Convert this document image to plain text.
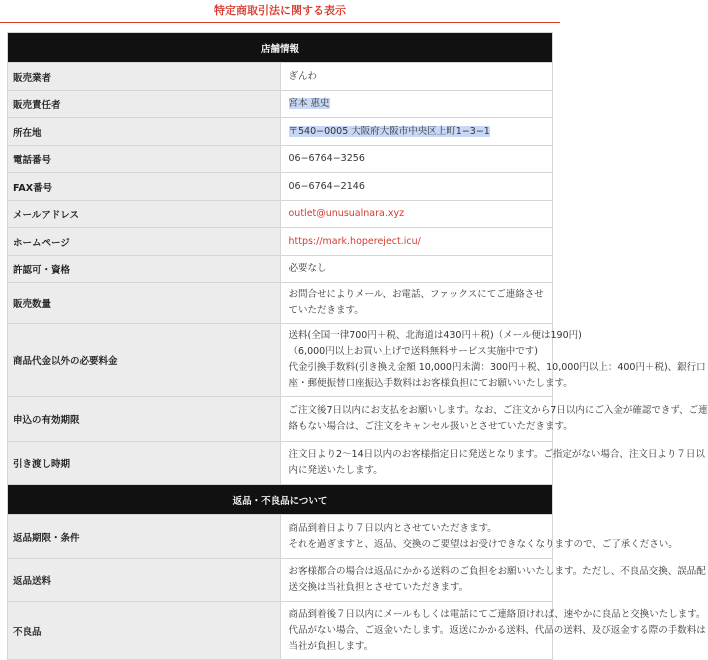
特定商取引法に関する表示
店舗情報	
販売業者	ぎんわ
販売責任者	宮本 惠史
所在地	〒540−0005 大阪府大阪市中央区上町1−3−1
電話番号	06−6764−3256
FAX番号	06−6764−2146
メールアドレス	outlet@unusualnara.xyz
ホームページ	https://mark.hopereject.icu/
許認可・資格	必要なし
販売数量	お問合せによりメール、お電話、ファックスにてご連絡させていただきます。
商品代金以外の必要料金	送料(全国一律700円＋税、北海道は430円＋税)（メール便は190円)
（6,000円以上お買い上げで送料無料サービス実施中です)
代金引換手数料(引き換え金額 10,000円未満：300円＋税、10,000円以上：400円＋税)、銀行口
座・郵便振替口座振込手数料はお客様負担にてお願いいたします。

申込の有効期限	ご注文後7日以内にお支払をお願いします。なお、ご注文から7日以内にご入金が確認できず、ご連
絡もない場合は、ご注文をキャンセル扱いとさせていただきます。

引き渡し時期	注文日より2〜14日以内のお客様指定日に発送となります。ご指定がない場合、注文日より７日以
内に発送いたします。

返品・不良品について	
返品期限・条件	商品到着日より７日以内とさせていただきます。
それを過ぎますと、返品、交換のご要望はお受けできなくなりますので、ご了承ください。

返品送料	お客様都合の場合は返品にかかる送料のご負担をお願いいたします。ただし、不良品交換、誤品配
送交換は当社負担とさせていただきます。

不良品	商品到着後７日以内にメールもしくは電話にてご連絡頂ければ、速やかに良品と交換いたします。
代品がない場合、ご返金いたします。返送にかかる送料、代品の送料、及び返金する際の手数料は
当社が負担します。
